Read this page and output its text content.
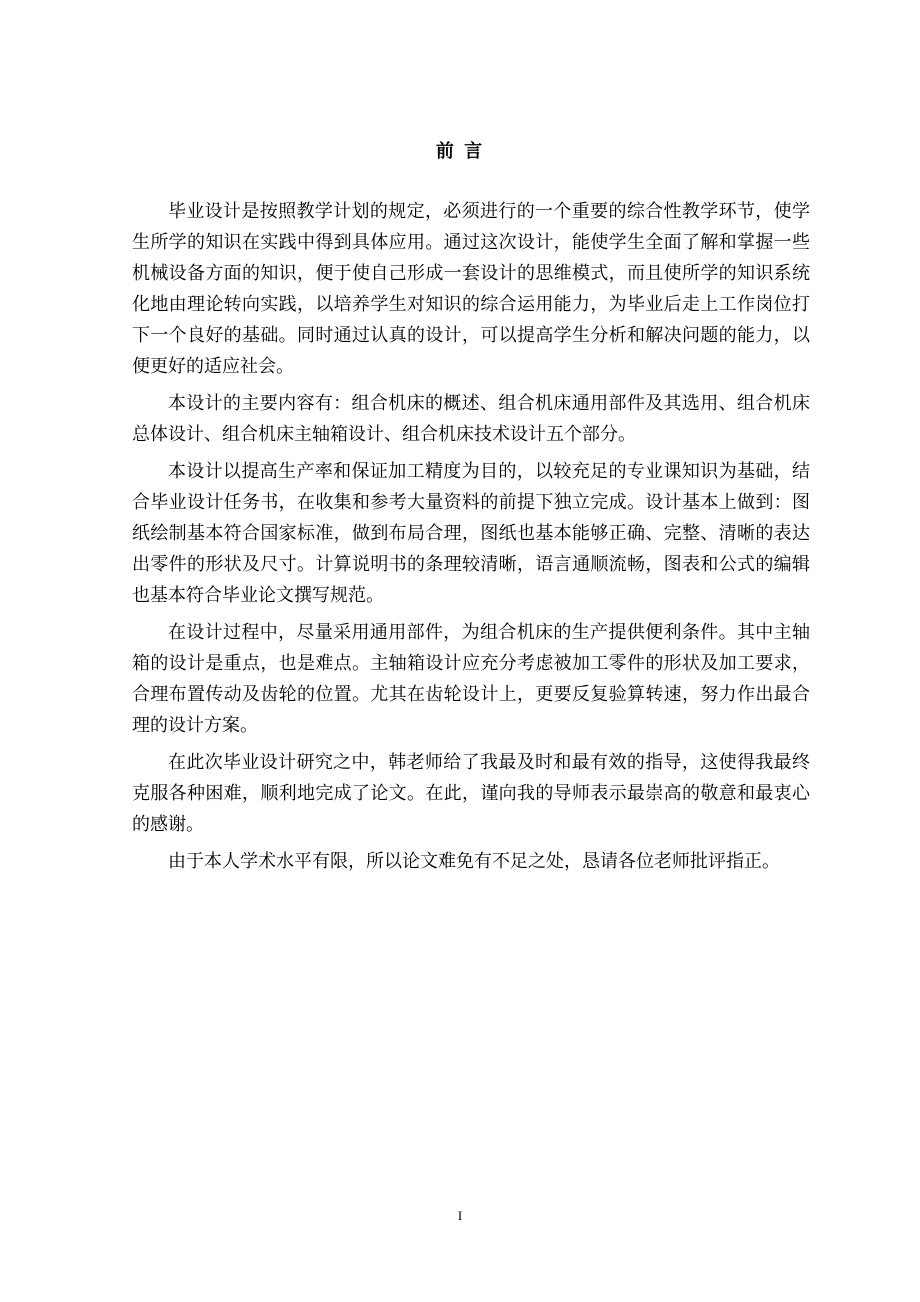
前 言

毕业设计是按照教学计划的规定，必须进行的一个重要的综合性教学环节，使学生所学的知识在实践中得到具体应用。通过这次设计，能使学生全面了解和掌握一些机械设备方面的知识，便于使自己形成一套设计的思维模式，而且使所学的知识系统化地由理论转向实践，以培养学生对知识的综合运用能力，为毕业后走上工作岗位打下一个良好的基础。同时通过认真的设计，可以提高学生分析和解决问题的能力，以便更好的适应社会。

本设计的主要内容有：组合机床的概述、组合机床通用部件及其选用、组合机床总体设计、组合机床主轴箱设计、组合机床技术设计五个部分。

本设计以提高生产率和保证加工精度为目的，以较充足的专业课知识为基础，结合毕业设计任务书，在收集和参考大量资料的前提下独立完成。设计基本上做到：图纸绘制基本符合国家标准，做到布局合理，图纸也基本能够正确、完整、清晰的表达出零件的形状及尺寸。计算说明书的条理较清晰，语言通顺流畅，图表和公式的编辑也基本符合毕业论文撰写规范。

在设计过程中，尽量采用通用部件，为组合机床的生产提供便利条件。其中主轴箱的设计是重点，也是难点。主轴箱设计应充分考虑被加工零件的形状及加工要求，合理布置传动及齿轮的位置。尤其在齿轮设计上，更要反复验算转速，努力作出最合理的设计方案。

在此次毕业设计研究之中，韩老师给了我最及时和最有效的指导，这使得我最终克服各种困难，顺利地完成了论文。在此，谨向我的导师表示最崇高的敬意和最衷心的感谢。

由于本人学术水平有限，所以论文难免有不足之处，恳请各位老师批评指正。

I
